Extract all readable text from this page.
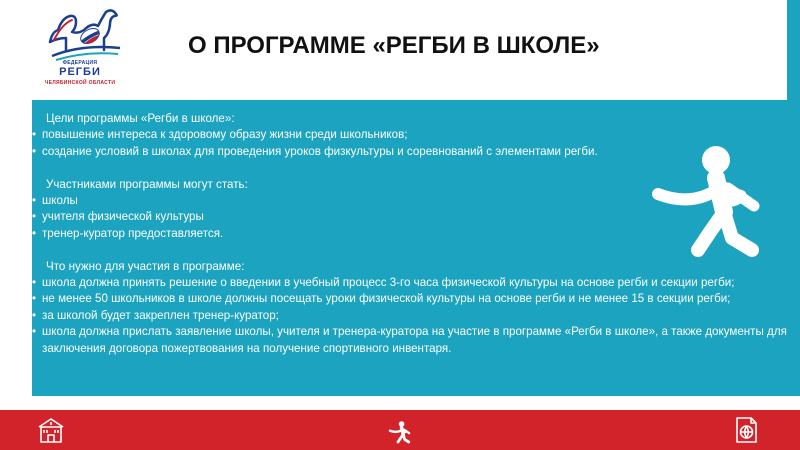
ФЕДЕРАЦИЯ
РЕГБИ
ЧЕЛЯБИНСКОЙ ОБЛАСТИ
О ПРОГРАММЕ «РЕГБИ В ШКОЛЕ»

Цели программы «Регби в школе»:

• повышение интереса к здоровому образу жизни среди школьников;
• создание условий в школах для проведения уроков физкультуры и соревнований с элементами регби.

Участниками программы могут стать:

• школы
• учителя физической культуры
• тренер-куратор предоставляется.

Что нужно для участия в программе:

• школа должна принять решение о введении в учебный процесс 3-го часа физической культуры на основе регби и секции регби;
• не менее 50 школьников в школе должны посещать уроки физической культуры на основе регби и не менее 15 в секции регби;
• за школой будет закреплен тренер-куратор;
• школа должна прислать заявление школы, учителя и тренера-куратора на участие в программе «Регби в школе», а также документы для заключения договора пожертвования на получение спортивного инвентаря.
